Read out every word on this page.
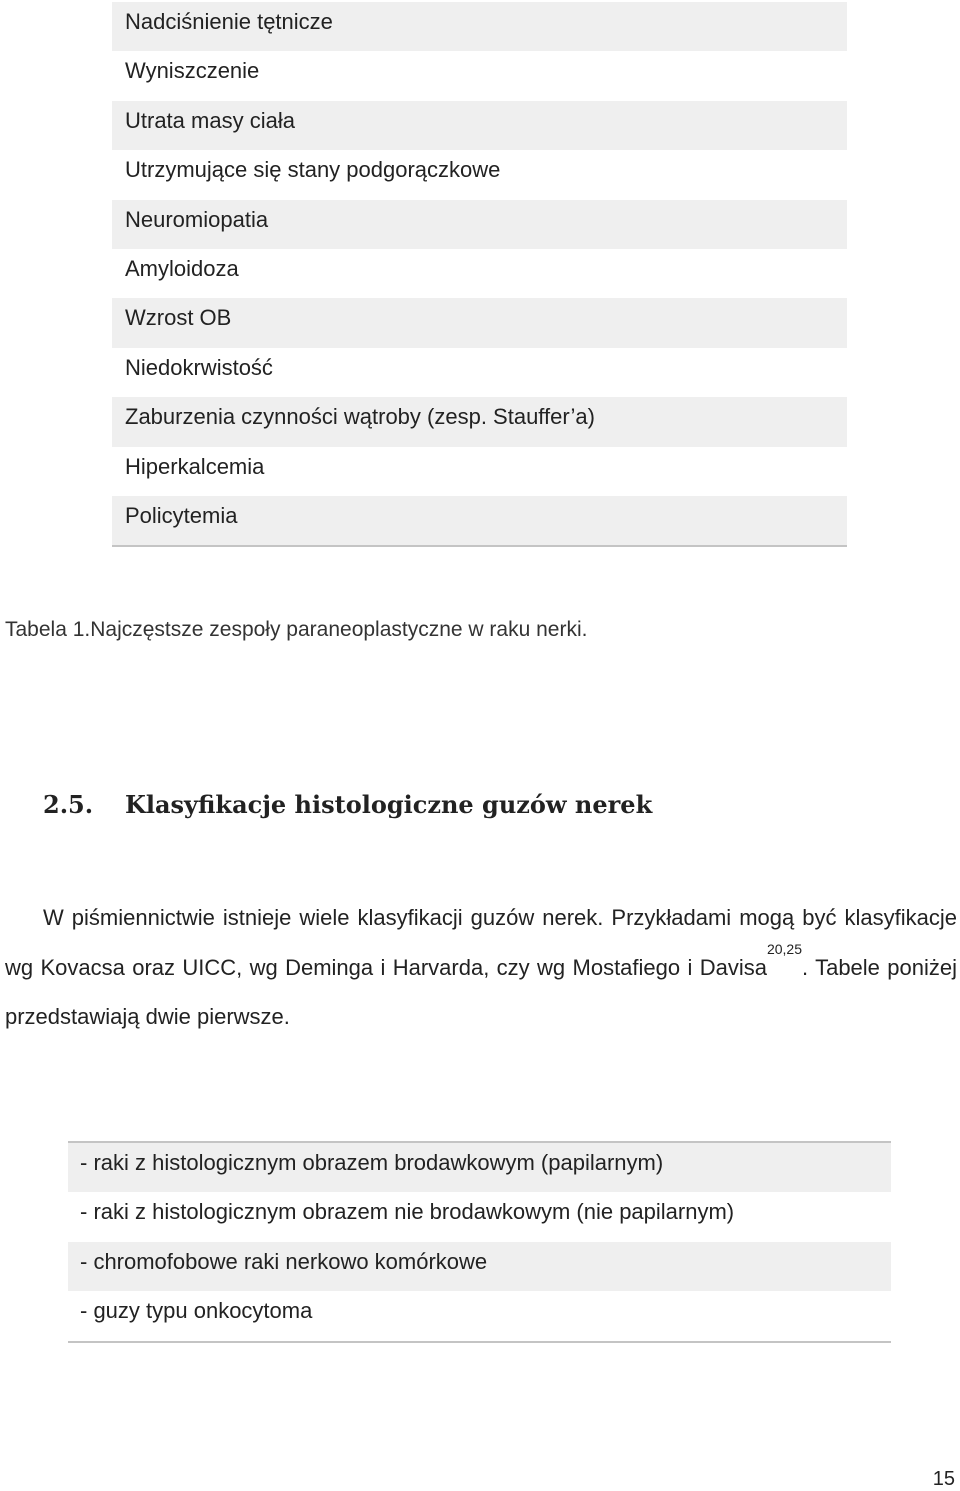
Nadciśnienie tętnicze
Wyniszczenie
Utrata masy ciała
Utrzymujące się stany podgorączkowe
Neuromiopatia
Amyloidoza
Wzrost OB
Niedokrwistość
Zaburzenia czynności wątroby (zesp. Stauffer’a)
Hiperkalcemia
Policytemia
Tabela 1.Najczęstsze zespoły paraneoplastyczne w raku nerki.
2.5. Klasyfikacje histologiczne guzów nerek
W piśmiennictwie istnieje wiele klasyfikacji guzów nerek. Przykładami mogą być klasyfikacje wg Kovacsa oraz UICC, wg Deminga i Harvarda, czy wg Mostafiego i Davisa$^{20,25}$. Tabele poniżej przedstawiają dwie pierwsze.
- raki z histologicznym obrazem brodawkowym (papilarnym)
- raki z histologicznym obrazem nie brodawkowym (nie papilarnym)
- chromofobowe raki nerkowo komórkowe
- guzy typu onkocytoma
15
